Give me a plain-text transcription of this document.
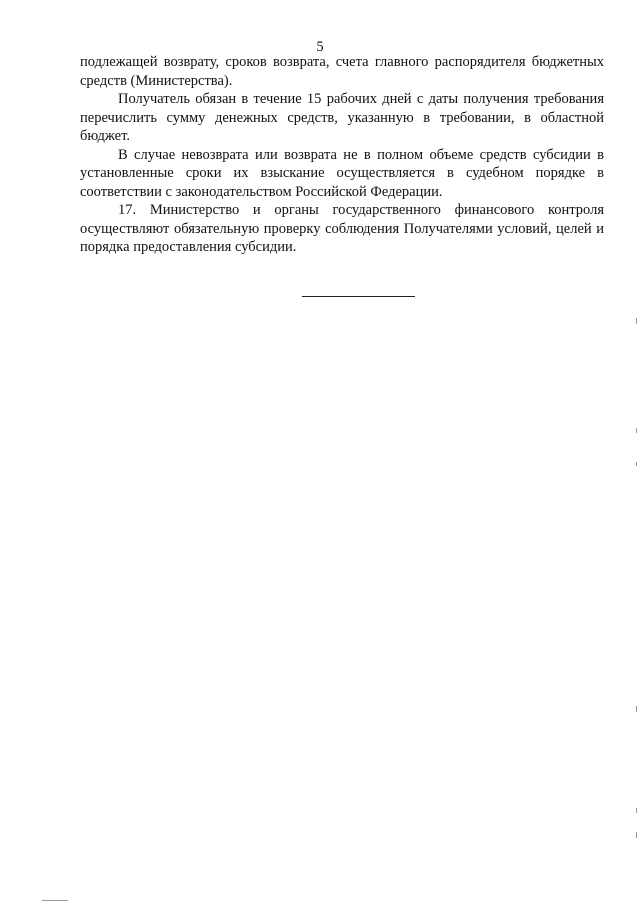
5

подлежащей возврату, сроков возврата, счета главного распорядителя бюджетных средств (Министерства).

Получатель обязан в течение 15 рабочих дней с даты получения требования перечислить сумму денежных средств, указанную в требовании, в областной бюджет.

В случае невозврата или возврата не в полном объеме средств субсидии в установленные сроки их взыскание осуществляется в судебном порядке в соответствии с законодательством Российской Федерации.

17. Министерство и органы государственного финансового контроля осуществляют обязательную проверку соблюдения Получателями условий, целей и порядка предоставления субсидии.
